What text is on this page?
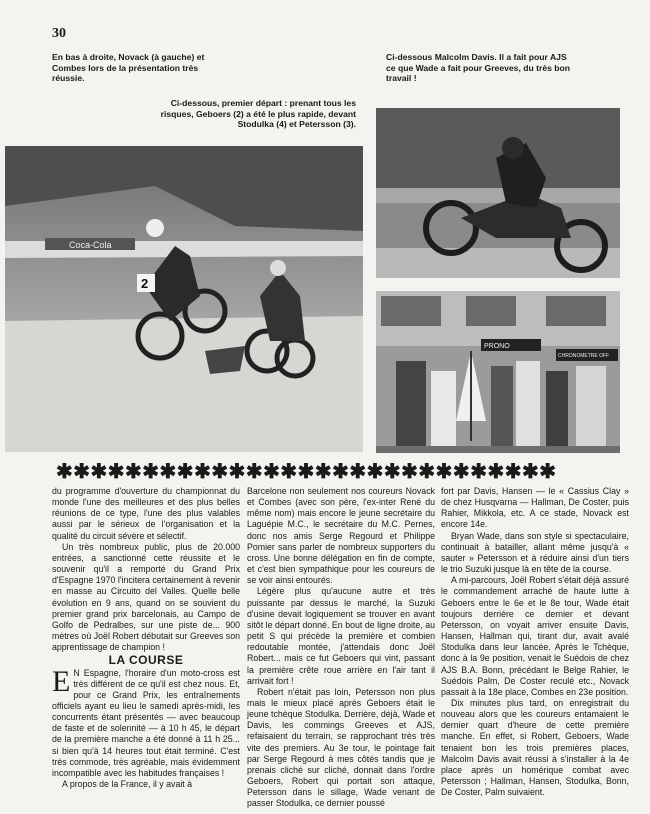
30
En bas à droite, Novack (à gauche) et Combes lors de la présentation très réussie.
Ci-dessous Malcolm Davis. Il a fait pour AJS ce que Wade a fait pour Greeves, du très bon travail !
Ci-dessous, premier départ : prenant tous les risques, Geboers (2) a été le plus rapide, devant Stodulka (4) et Petersson (3).
Coca-Cola
2
PRONO
CHRONOMETRE OFF
✱✱✱✱✱✱✱✱✱✱✱✱✱✱✱✱✱✱✱✱✱✱✱✱✱✱✱✱✱

du programme d'ouverture du championnat du monde l'une des meilleures et des plus belles réunions de ce type, l'une des plus valables aussi par le sérieux de l'organisation et la qualité du circuit sévère et sélectif.

Un très nombreux public, plus de 20.000 entrées, a sanctionné cette réussite et le souvenir qu'il a remporté du Grand Prix d'Espagne 1970 l'incitera certainement à revenir en masse au Circuito del Valles. Quelle belle évolution en 9 ans, quand on se souvient du premier grand prix barcelonais, au Campo de Golfo de Pedralbes, sur une piste de... 900 mètres où Joël Robert débutait sur Greeves son apprentissage de champion !

LA COURSE

E N Espagne, l'horaire d'un moto-cross est très différent de ce qu'il est chez nous. Et, pour ce Grand Prix, les entraînements officiels ayant eu lieu le samedi après-midi, les concurrents étant présentés — avec beaucoup de faste et de solennité — à 10 h 45, le départ de la première manche a été donné à 11 h 25... si bien qu'à 14 heures tout était terminé. C'est très commode, très agréable, mais évidemment incompatible avec les habitudes françaises !

A propos de la France, il y avait à

Barcelone non seulement nos coureurs Novack et Combes (avec son père, l'ex-inter René du même nom) mais encore le jeune secrétaire du Laguépie M.C., le secrétaire du M.C. Pernes, donc nos amis Serge Regourd et Philippe Pomier sans parler de nombreux supporters du cross. Une bonne délégation en fin de compte, et c'est bien sympathique pour les coureurs de se voir ainsi entourés.

Légère plus qu'aucune autre et très puissante par dessus le marché, la Suzuki d'usine devait logiquement se trouver en avant sitôt le départ donné. En bout de ligne droite, au petit S qui précède la première et combien redoutable montée, j'attendais donc Joël Robert... mais ce fut Geboers qui vint, passant la première crête roue arrière en l'air tant il arrivait fort !

Robert n'était pas loin, Petersson non plus mais le mieux placé après Geboers était le jeune tchèque Stodulka. Derrière, déjà, Wade et Davis, les commings Greeves et AJS, refaisaient du terrain, se rapprochant très très vite des premiers. Au 3e tour, le pointage fait par Serge Regourd à mes côtés tandis que je prenais cliché sur cliché, donnait dans l'ordre Geboers, Robert qui portait son attaque, Petersson dans le sillage, Wade venant de passer Stodulka, ce dernier poussé

fort par Davis, Hansen — le « Cassius Clay » de chez Husqvarna — Hallman, De Coster, puis Rahier, Mikkola, etc. A ce stade, Novack est encore 14e.

Bryan Wade, dans son style si spectaculaire, continuait à batailler, allant même jusqu'à « sauter » Petersson et à réduire ainsi d'un tiers le trio Suzuki jusque là en tête de la course.

A mi-parcours, Joël Robert s'était déjà assuré le commandement arraché de haute lutte à Geboers entre le 6e et le 8e tour, Wade était toujours derrière ce dernier et devant Petersson, on voyait arriver ensuite Davis, Hansen, Hallman qui, tirant dur, avait avalé Stodulka dans leur lancée. Après le Tchèque, donc à la 9e position, venait le Suédois de chez AJS B.A. Bonn, précédant le Belge Rahier, le Suédois Palm, De Coster reculé etc., Novack passait à la 18e place, Combes en 23e position.

Dix minutes plus tard, on enregistrait du nouveau alors que les coureurs entamaient le dernier quart d'heure de cette première manche. En effet, si Robert, Geboers, Wade tenaient bon les trois premières places, Malcolm Davis avait réussi à s'installer à la 4e place après un homérique combat avec Petersson ; Hallman, Hansen, Stodulka, Bonn, De Coster, Palm suivaient.
